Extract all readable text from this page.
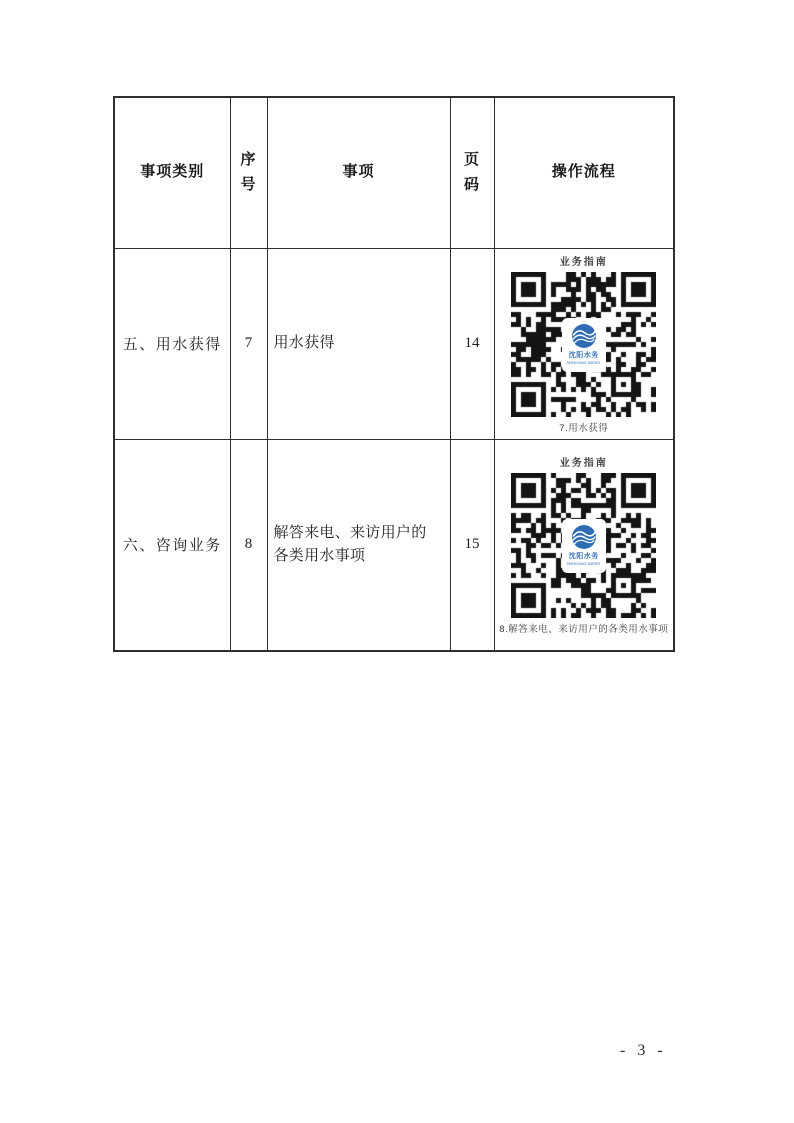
事项类别	序号	事项	页码	操作流程
五、用水获得	7	用水获得	14	业务指南
沈阳水务
SHENYANG WATER
7.用水获得

六、咨询业务	8	解答来电、来访用户的各类用水事项	15	业务指南
沈阳水务
SHENYANG WATER
8.解答来电、来访用户的各类用水事项
- 3 -
